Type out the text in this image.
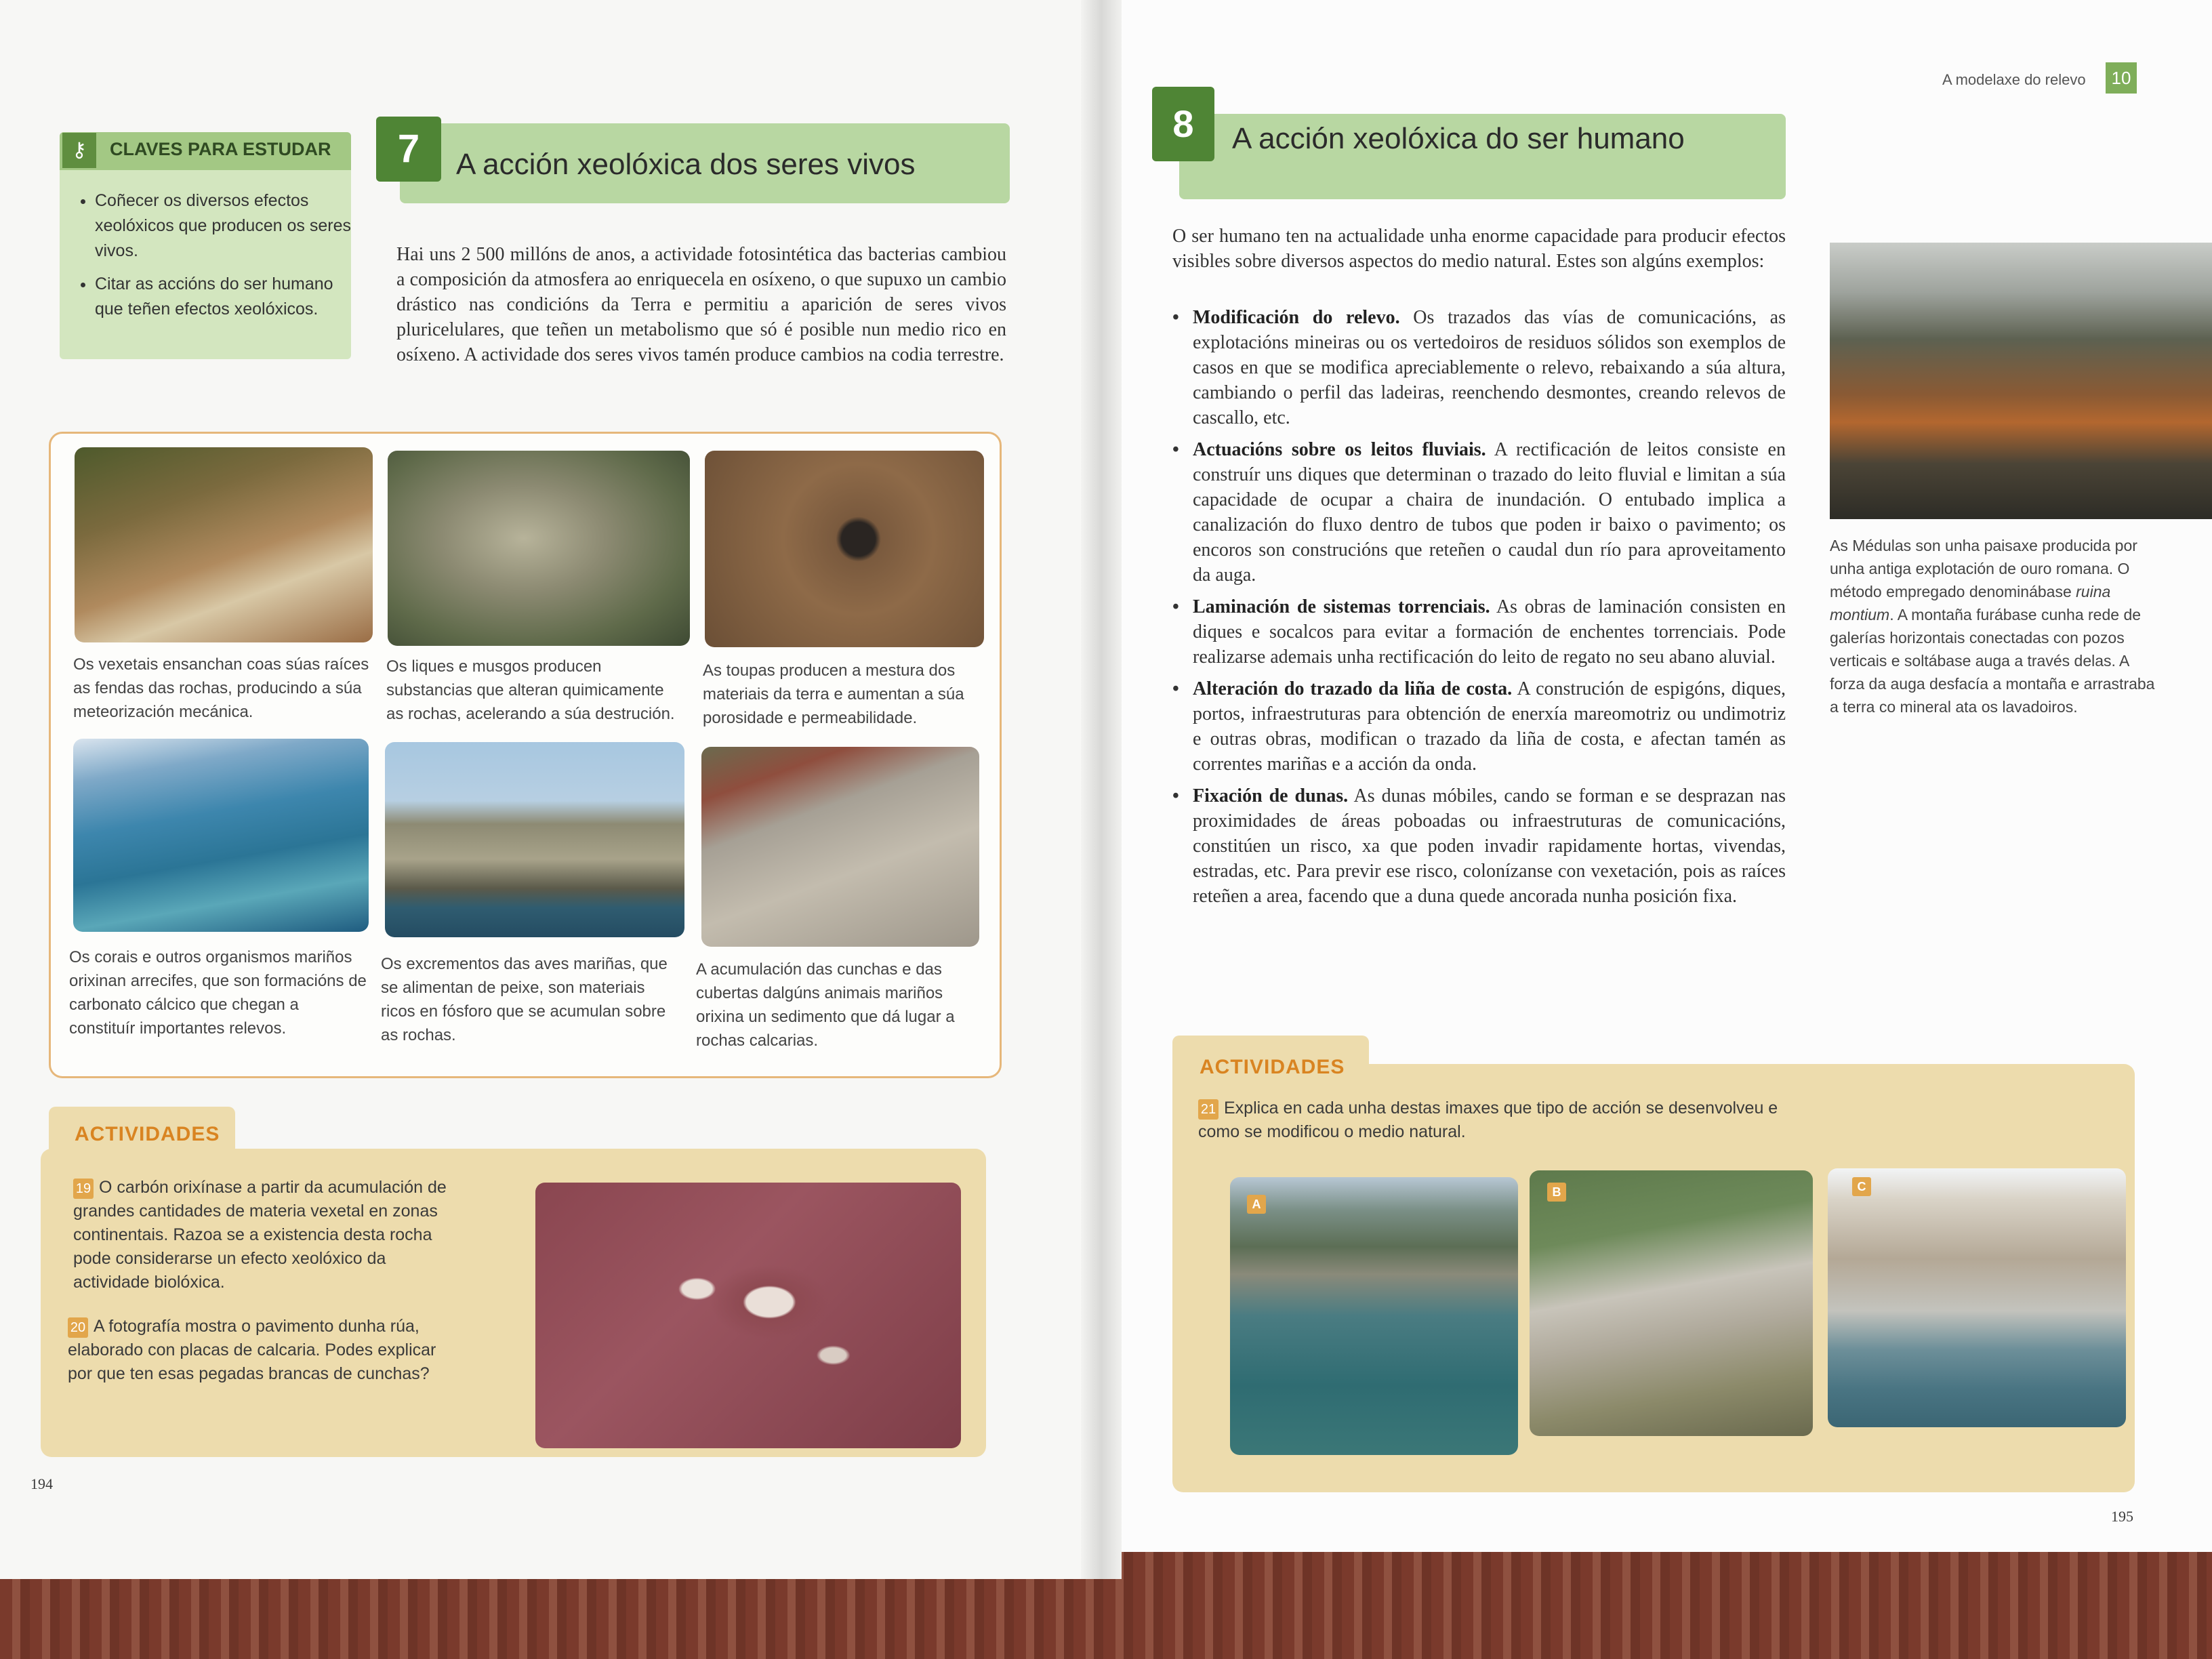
⚷	CLAVES PARA ESTUDAR
• Coñecer os diversos efectos xeolóxicos que producen os seres vivos.
• Citar as accións do ser humano que teñen efectos xeolóxicos.
7	A acción xeolóxica dos seres vivos
Hai uns 2 500 millóns de anos, a actividade fotosintética das bacterias cambiou a composición da atmosfera ao enriquecela en osíxeno, o que supuxo un cambio drástico nas condicións da Terra e permitiu a aparición de seres vivos pluricelulares, que teñen un metabolismo que só é posible nun medio rico en osíxeno. A actividade dos seres vivos tamén produce cambios na codia terrestre.
Os vexetais ensanchan coas súas raíces as fendas das rochas, producindo a súa meteorización mecánica.
Os liques e musgos producen substancias que alteran quimicamente as rochas, acelerando a súa destrución.
As toupas producen a mestura dos materiais da terra e aumentan a súa porosidade e permeabilidade.
Os corais e outros organismos mariños orixinan arrecifes, que son formacións de carbonato cálcico que chegan a constituír importantes relevos.
Os excrementos das aves mariñas, que se alimentan de peixe, son materiais ricos en fósforo que se acumulan sobre as rochas.
A acumulación das cunchas e das cubertas dalgúns animais mariños orixina un sedimento que dá lugar a rochas calcarias.
ACTIVIDADES
19 O carbón orixínase a partir da acumulación de grandes cantidades de materia vexetal en zonas continentais. Razoa se a existencia desta rocha pode considerarse un efecto xeolóxico da actividade biolóxica.
20 A fotografía mostra o pavimento dunha rúa, elaborado con placas de calcaria. Podes explicar por que ten esas pegadas brancas de cunchas?
194
A modelaxe do relevo	10
8	A acción xeolóxica do ser humano
O ser humano ten na actualidade unha enorme capacidade para producir efectos visibles sobre diversos aspectos do medio natural. Estes son algúns exemplos:
• Modificación do relevo. Os trazados das vías de comunicacións, as explotacións mineiras ou os vertedoiros de residuos sólidos son exemplos de casos en que se modifica apreciablemente o relevo, rebaixando a súa altura, cambiando o perfil das ladeiras, reenchendo desmontes, creando relevos de cascallo, etc.
• Actuacións sobre os leitos fluviais. A rectificación de leitos consiste en construír uns diques que determinan o trazado do leito fluvial e limitan a súa capacidade de ocupar a chaira de inundación. O entubado implica a canalización do fluxo dentro de tubos que poden ir baixo o pavimento; os encoros son construcións que reteñen o caudal dun río para aproveitamento da auga.
• Laminación de sistemas torrenciais. As obras de laminación consisten en diques e socalcos para evitar a formación de enchentes torrenciais. Pode realizarse ademais unha rectificación do leito de regato no seu abano aluvial.
• Alteración do trazado da liña de costa. A construción de espigóns, diques, portos, infraestruturas para obtención de enerxía mareomotriz ou undimotriz e outras obras, modifican o trazado da liña de costa, e afectan tamén as correntes mariñas e a acción da onda.
• Fixación de dunas. As dunas móbiles, cando se forman e se desprazan nas proximidades de áreas poboadas ou infraestruturas de comunicacións, constitúen un risco, xa que poden invadir rapidamente hortas, vivendas, estradas, etc. Para previr ese risco, colonízanse con vexetación, pois as raíces reteñen a area, facendo que a duna quede ancorada nunha posición fixa.
As Médulas son unha paisaxe producida por unha antiga explotación de ouro romana. O método empregado denominábase ruina montium. A montaña furábase cunha rede de galerías horizontais conectadas con pozos verticais e soltábase auga a través delas. A forza da auga desfacía a montaña e arrastraba a terra co mineral ata os lavadoiros.
ACTIVIDADES
21 Explica en cada unha destas imaxes que tipo de acción se desenvolveu e como se modificou o medio natural.
A
B	C
195
